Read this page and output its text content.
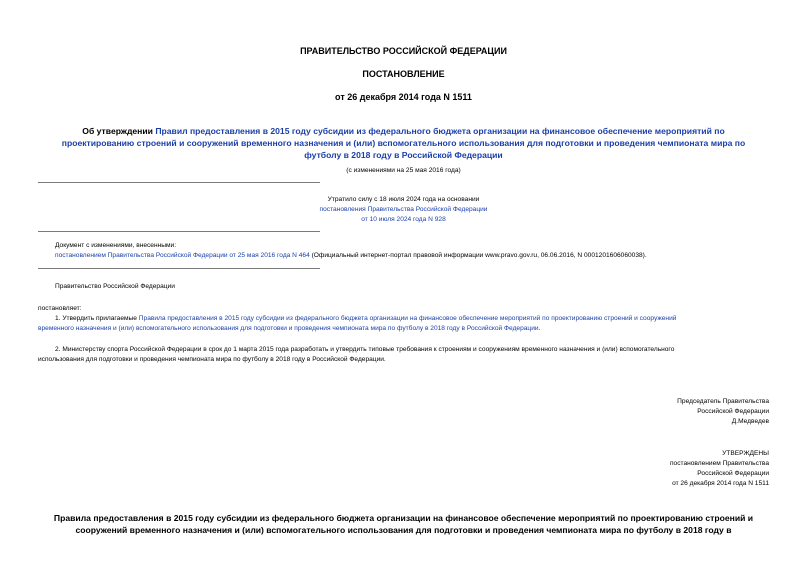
ПРАВИТЕЛЬСТВО РОССИЙСКОЙ ФЕДЕРАЦИИ
ПОСТАНОВЛЕНИЕ
от 26 декабря 2014 года N 1511
Об утверждении Правил предоставления в 2015 году субсидии из федерального бюджета организации на финансовое обеспечение мероприятий по
проектированию строений и сооружений временного назначения и (или) вспомогательного использования для подготовки и проведения чемпионата мира по
футболу в 2018 году в Российской Федерации
(с изменениями на 25 мая 2016 года)
Утратило силу с 18 июля 2024 года на основании
постановления Правительства Российской Федерации
от 10 июля 2024 года N 928
Документ с изменениями, внесенными:
постановлением Правительства Российской Федерации от 25 мая 2016 года N 464 (Официальный интернет-портал правовой информации www.pravo.gov.ru, 06.06.2016, N 0001201606060038).
Правительство Российской Федерации
постановляет:
1. Утвердить прилагаемые Правила предоставления в 2015 году субсидии из федерального бюджета организации на финансовое обеспечение мероприятий по проектированию строений и сооружений
временного назначения и (или) вспомогательного использования для подготовки и проведения чемпионата мира по футболу в 2018 году в Российской Федерации.
2. Министерству спорта Российской Федерации в срок до 1 марта 2015 года разработать и утвердить типовые требования к строениям и сооружениям временного назначения и (или) вспомогательного
использования для подготовки и проведения чемпионата мира по футболу в 2018 году в Российской Федерации.
Председатель Правительства
Российской Федерации
Д.Медведев
УТВЕРЖДЕНЫ
постановлением Правительства
Российской Федерации
от 26 декабря 2014 года N 1511
Правила предоставления в 2015 году субсидии из федерального бюджета организации на финансовое обеспечение мероприятий по проектированию строений и
сооружений временного назначения и (или) вспомогательного использования для подготовки и проведения чемпионата мира по футболу в 2018 году в
